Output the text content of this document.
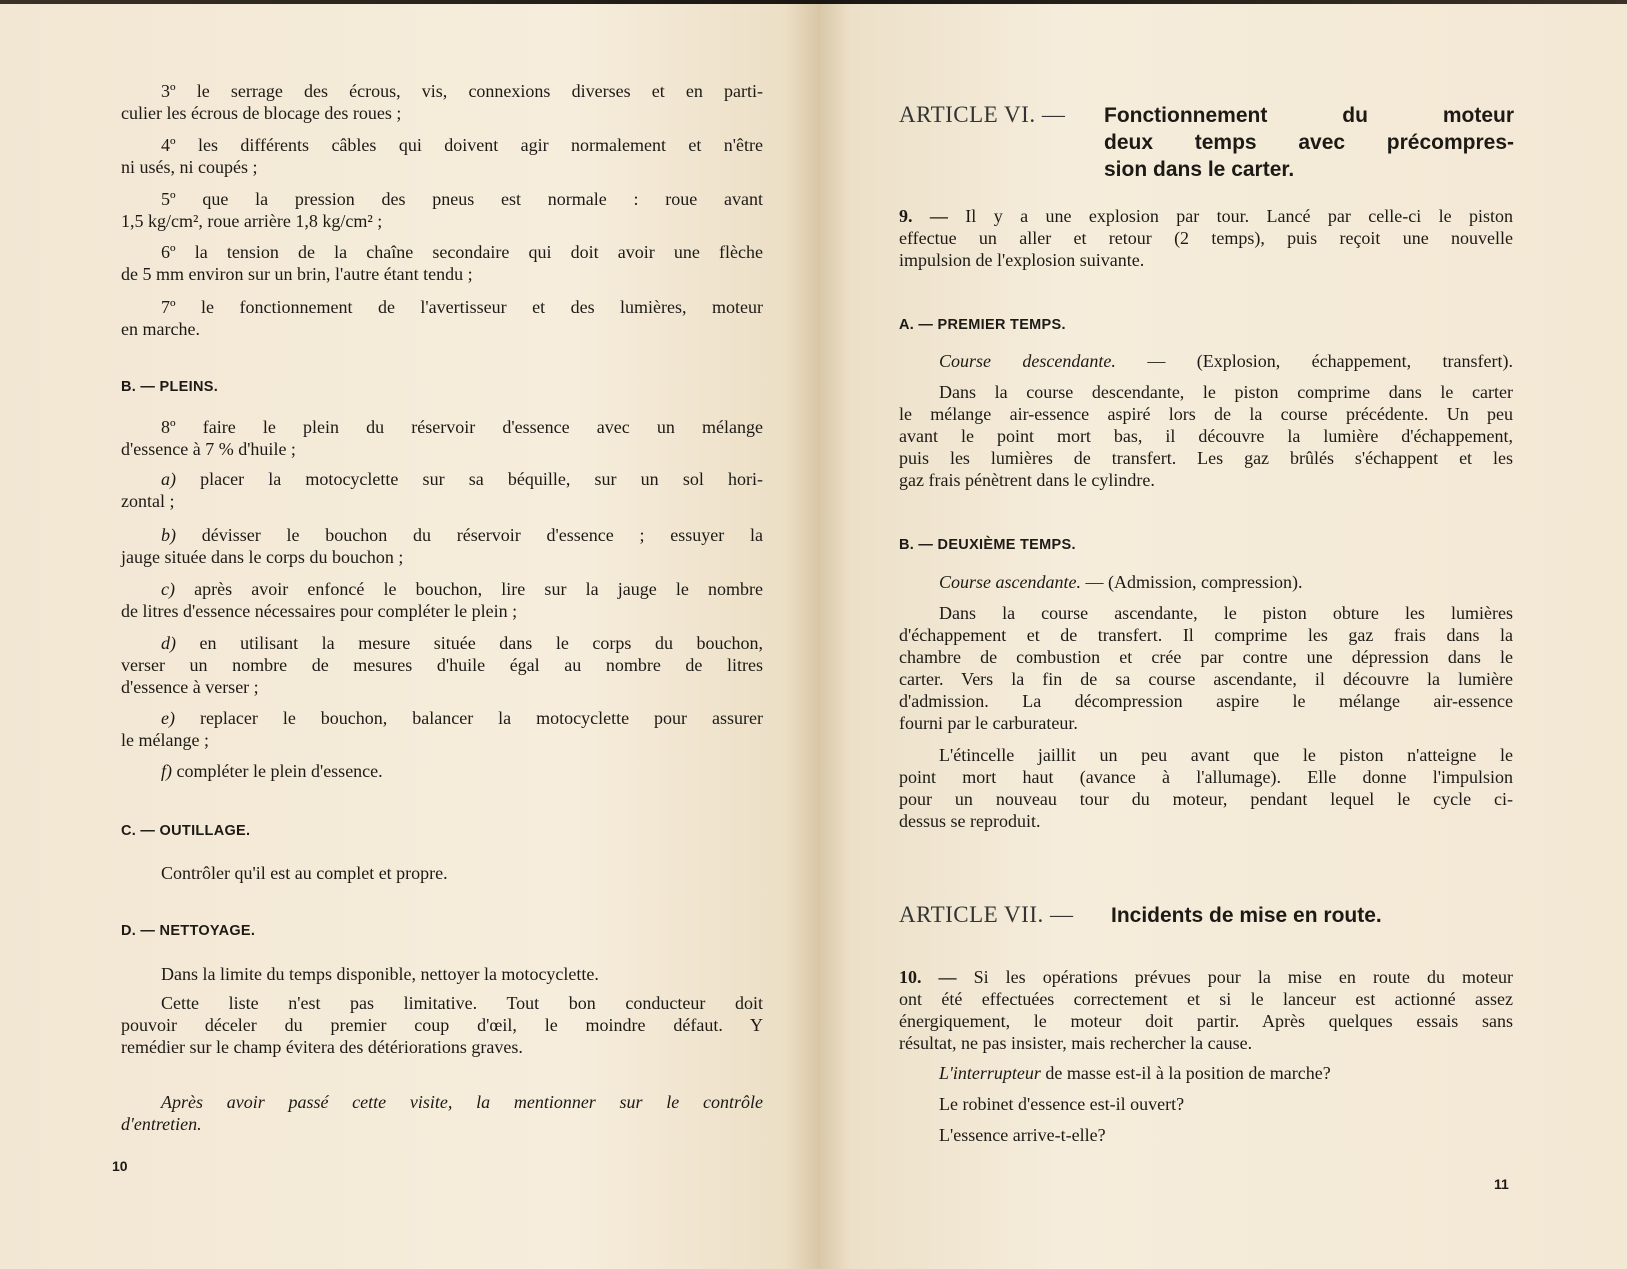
ARTICLE VI. — Fonctionnement du moteur
deux temps avec précompres-
sion dans le carter.
ARTICLE VII. — Incidents de mise en route.
10
11
3º le serrage des écrous, vis, connexions diverses et en parti-
culier les écrous de blocage des roues ;
4º les différents câbles qui doivent agir normalement et n'être
ni usés, ni coupés ;
5º que la pression des pneus est normale : roue avant
1,5 kg/cm², roue arrière 1,8 kg/cm² ;
6º la tension de la chaîne secondaire qui doit avoir une flèche
de 5 mm environ sur un brin, l'autre étant tendu ;
7º le fonctionnement de l'avertisseur et des lumières, moteur
en marche.
B. — PLEINS.
8º faire le plein du réservoir d'essence avec un mélange
d'essence à 7 % d'huile ;
a) placer la motocyclette sur sa béquille, sur un sol hori-
zontal ;
b) dévisser le bouchon du réservoir d'essence ; essuyer la
jauge située dans le corps du bouchon ;
c) après avoir enfoncé le bouchon, lire sur la jauge le nombre
de litres d'essence nécessaires pour compléter le plein ;
d) en utilisant la mesure située dans le corps du bouchon,
verser un nombre de mesures d'huile égal au nombre de litres
d'essence à verser ;
e) replacer le bouchon, balancer la motocyclette pour assurer
le mélange ;
f) compléter le plein d'essence.
C. — OUTILLAGE.
Contrôler qu'il est au complet et propre.
D. — NETTOYAGE.
Dans la limite du temps disponible, nettoyer la motocyclette.
Cette liste n'est pas limitative. Tout bon conducteur doit
pouvoir déceler du premier coup d'œil, le moindre défaut. Y
remédier sur le champ évitera des détériorations graves.
Après avoir passé cette visite, la mentionner sur le contrôle
d'entretien.
9. — Il y a une explosion par tour. Lancé par celle-ci le piston
effectue un aller et retour (2 temps), puis reçoit une nouvelle
impulsion de l'explosion suivante.
A. — PREMIER TEMPS.
Course descendante. — (Explosion, échappement, transfert).
Dans la course descendante, le piston comprime dans le carter
le mélange air-essence aspiré lors de la course précédente. Un peu
avant le point mort bas, il découvre la lumière d'échappement,
puis les lumières de transfert. Les gaz brûlés s'échappent et les
gaz frais pénètrent dans le cylindre.
B. — DEUXIÈME TEMPS.
Course ascendante. — (Admission, compression).
Dans la course ascendante, le piston obture les lumières
d'échappement et de transfert. Il comprime les gaz frais dans la
chambre de combustion et crée par contre une dépression dans le
carter. Vers la fin de sa course ascendante, il découvre la lumière
d'admission. La décompression aspire le mélange air-essence
fourni par le carburateur.
L'étincelle jaillit un peu avant que le piston n'atteigne le
point mort haut (avance à l'allumage). Elle donne l'impulsion
pour un nouveau tour du moteur, pendant lequel le cycle ci-
dessus se reproduit.
10. — Si les opérations prévues pour la mise en route du moteur
ont été effectuées correctement et si le lanceur est actionné assez
énergiquement, le moteur doit partir. Après quelques essais sans
résultat, ne pas insister, mais rechercher la cause.
L'interrupteur de masse est-il à la position de marche?
Le robinet d'essence est-il ouvert?
L'essence arrive-t-elle?
